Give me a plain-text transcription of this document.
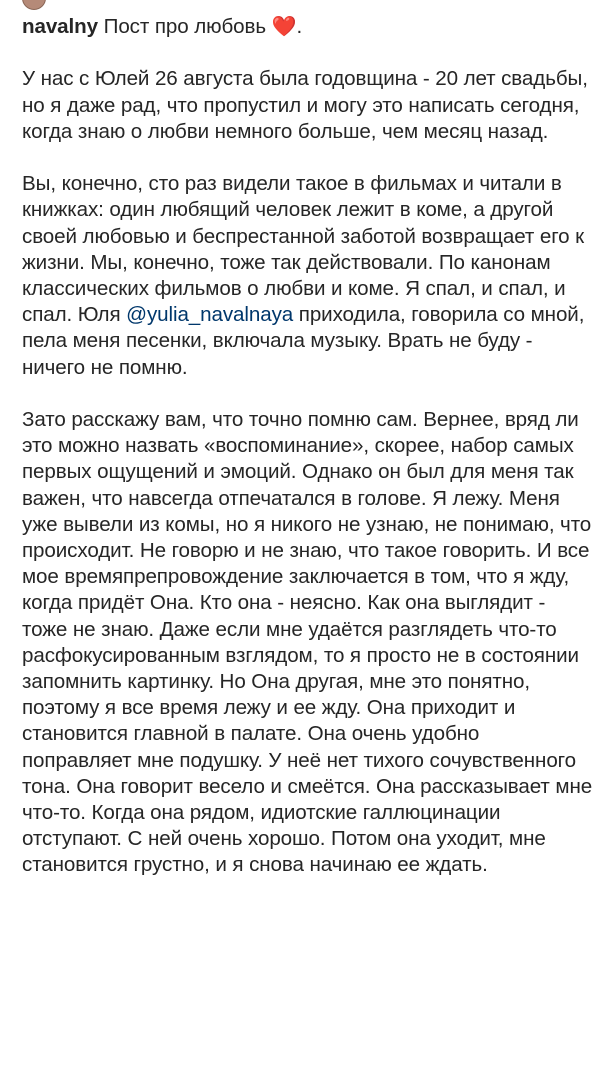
navalny Пост про любовь ❤️.

У нас с Юлей 26 августа была годовщина - 20 лет свадьбы, но я даже рад, что пропустил и могу это написать сегодня, когда знаю о любви немного больше, чем месяц назад.

Вы, конечно, сто раз видели такое в фильмах и читали в книжках: один любящий человек лежит в коме, а другой своей любовью и беспрестанной заботой возвращает его к жизни. Мы, конечно, тоже так действовали. По канонам классических фильмов о любви и коме. Я спал, и спал, и спал. Юля @yulia_navalnaya приходила, говорила со мной, пела меня песенки, включала музыку. Врать не буду - ничего не помню.

Зато расскажу вам, что точно помню сам. Вернее, вряд ли это можно назвать «воспоминание», скорее, набор самых первых ощущений и эмоций. Однако он был для меня так важен, что навсегда отпечатался в голове. Я лежу. Меня уже вывели из комы, но я никого не узнаю, не понимаю, что происходит. Не говорю и не знаю, что такое говорить. И все мое времяпрепровождение заключается в том, что я жду, когда придёт Она. Кто она - неясно. Как она выглядит - тоже не знаю. Даже если мне удаётся разглядеть что-то расфокусированным взглядом, то я просто не в состоянии запомнить картинку. Но Она другая, мне это понятно, поэтому я все время лежу и ее жду. Она приходит и становится главной в палате. Она очень удобно поправляет мне подушку. У неё нет тихого сочувственного тона. Она говорит весело и смеётся. Она рассказывает мне что-то. Когда она рядом, идиотские галлюцинации отступают. С ней очень хорошо. Потом она уходит, мне становится грустно, и я снова начинаю ее ждать.
